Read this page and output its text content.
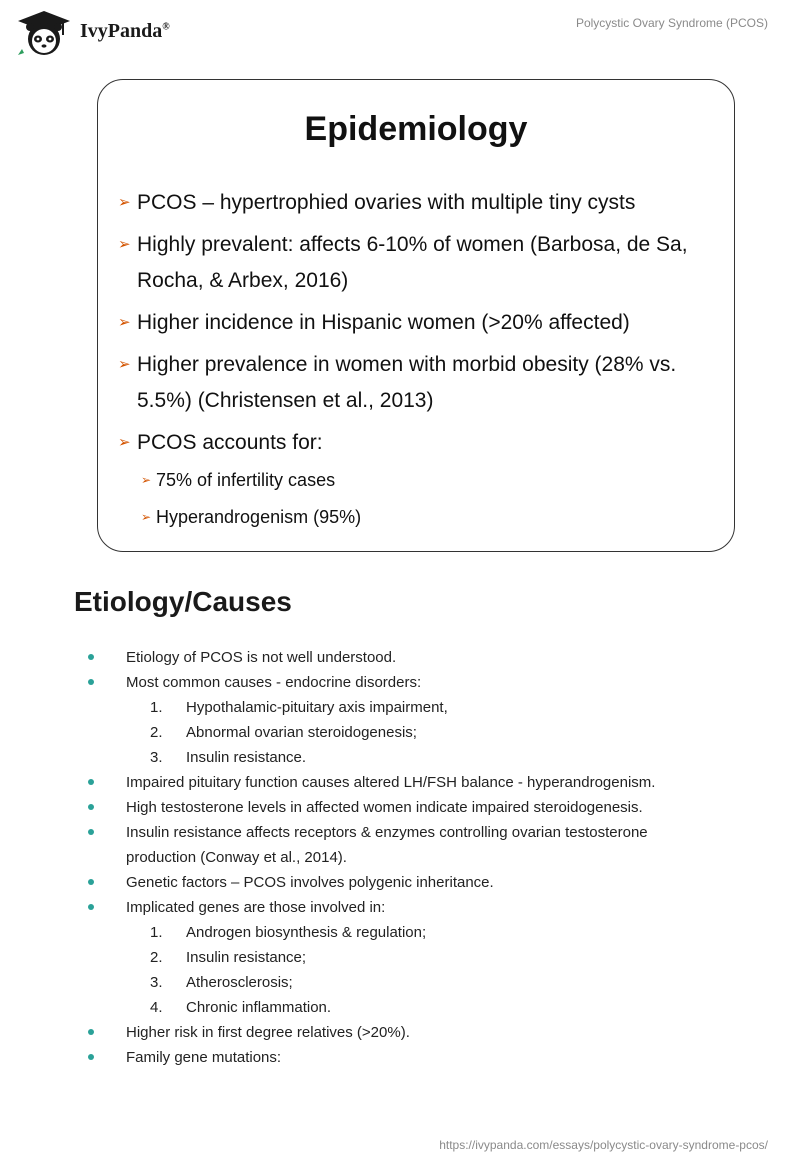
IvyPanda®	Polycystic Ovary Syndrome (PCOS)
Epidemiology
➢ PCOS – hypertrophied ovaries with multiple tiny cysts
➢ Highly prevalent: affects 6-10% of women (Barbosa, de Sa, Rocha, & Arbex, 2016)
➢ Higher incidence in Hispanic women (>20% affected)
➢ Higher prevalence in women with morbid obesity (28% vs. 5.5%) (Christensen et al., 2013)
➢ PCOS accounts for:
➢ 75% of infertility cases
➢ Hyperandrogenism (95%)
Etiology/Causes
Etiology of PCOS is not well understood.
Most common causes - endocrine disorders:
1. Hypothalamic-pituitary axis impairment,
2. Abnormal ovarian steroidogenesis;
3. Insulin resistance.
Impaired pituitary function causes altered LH/FSH balance - hyperandrogenism.
High testosterone levels in affected women indicate impaired steroidogenesis.
Insulin resistance affects receptors & enzymes controlling ovarian testosterone
production (Conway et al., 2014).
Genetic factors – PCOS involves polygenic inheritance.
Implicated genes are those involved in:
1. Androgen biosynthesis & regulation;
2. Insulin resistance;
3. Atherosclerosis;
4. Chronic inflammation.
Higher risk in first degree relatives (>20%).
Family gene mutations:
https://ivypanda.com/essays/polycystic-ovary-syndrome-pcos/
